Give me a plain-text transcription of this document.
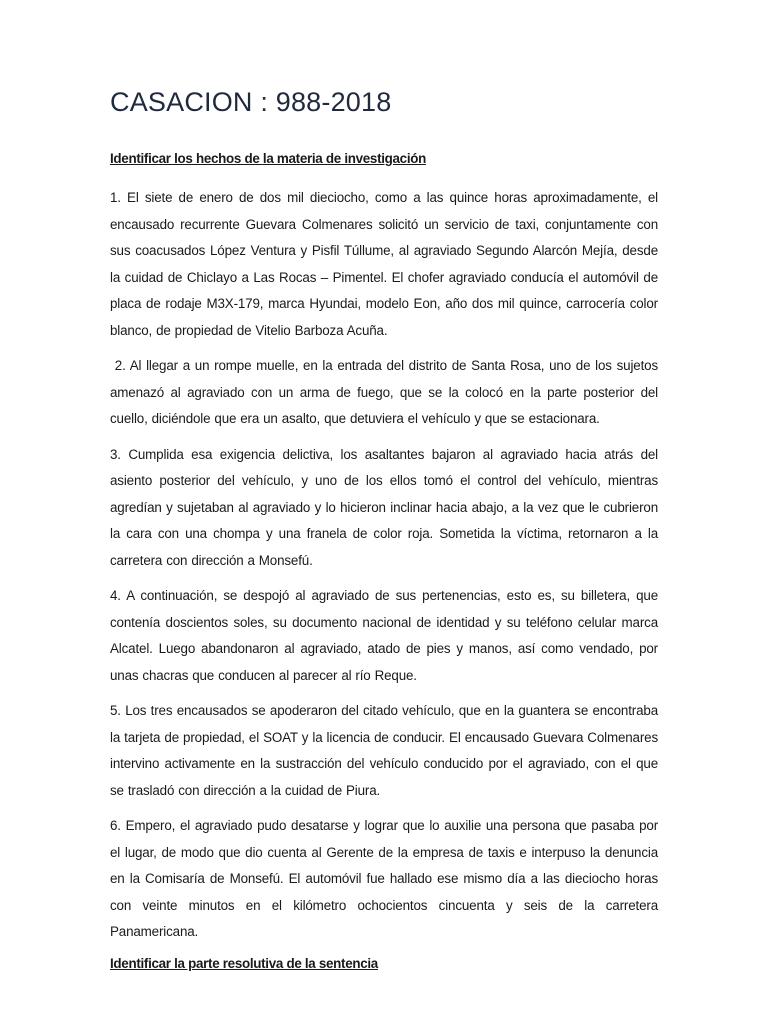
CASACION : 988-2018
Identificar los hechos de la materia de investigación

1. El siete de enero de dos mil dieciocho, como a las quince horas aproximadamente, el encausado recurrente Guevara Colmenares solicitó un servicio de taxi, conjuntamente con sus coacusados López Ventura y Pisfil Túllume, al agraviado Segundo Alarcón Mejía, desde la cuidad de Chiclayo a Las Rocas – Pimentel. El chofer agraviado conducía el automóvil de placa de rodaje M3X-179, marca Hyundai, modelo Eon, año dos mil quince, carrocería color blanco, de propiedad de Vitelio Barboza Acuña.

2. Al llegar a un rompe muelle, en la entrada del distrito de Santa Rosa, uno de los sujetos amenazó al agraviado con un arma de fuego, que se la colocó en la parte posterior del cuello, diciéndole que era un asalto, que detuviera el vehículo y que se estacionara.

3. Cumplida esa exigencia delictiva, los asaltantes bajaron al agraviado hacia atrás del asiento posterior del vehículo, y uno de los ellos tomó el control del vehículo, mientras agredían y sujetaban al agraviado y lo hicieron inclinar hacia abajo, a la vez que le cubrieron la cara con una chompa y una franela de color roja. Sometida la víctima, retornaron a la carretera con dirección a Monsefú.

4. A continuación, se despojó al agraviado de sus pertenencias, esto es, su billetera, que contenía doscientos soles, su documento nacional de identidad y su teléfono celular marca Alcatel. Luego abandonaron al agraviado, atado de pies y manos, así como vendado, por unas chacras que conducen al parecer al río Reque.

5. Los tres encausados se apoderaron del citado vehículo, que en la guantera se encontraba la tarjeta de propiedad, el SOAT y la licencia de conducir. El encausado Guevara Colmenares intervino activamente en la sustracción del vehículo conducido por el agraviado, con el que se trasladó con dirección a la cuidad de Piura.

6. Empero, el agraviado pudo desatarse y lograr que lo auxilie una persona que pasaba por el lugar, de modo que dio cuenta al Gerente de la empresa de taxis e interpuso la denuncia en la Comisaría de Monsefú. El automóvil fue hallado ese mismo día a las dieciocho horas con veinte minutos en el kilómetro ochocientos cincuenta y seis de la carretera Panamericana.

Identificar la parte resolutiva de la sentencia
